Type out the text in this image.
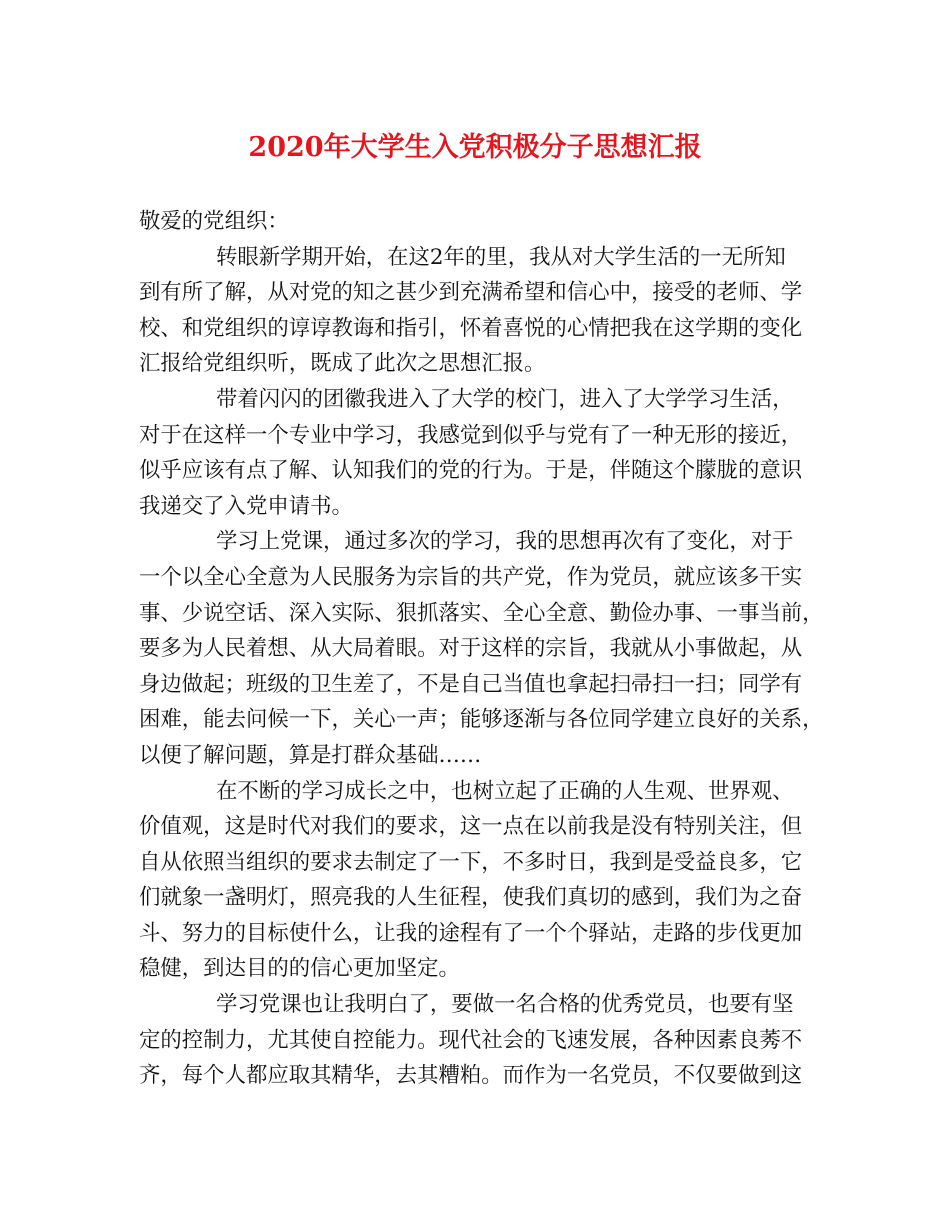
2020年大学生入党积极分子思想汇报
敬爱的党组织：
转眼新学期开始，在这2年的里，我从对大学生活的一无所知
到有所了解，从对党的知之甚少到充满希望和信心中，接受的老师、学
校、和党组织的谆谆教诲和指引，怀着喜悦的心情把我在这学期的变化
汇报给党组织听，既成了此次之思想汇报。
带着闪闪的团徽我进入了大学的校门，进入了大学学习生活，
对于在这样一个专业中学习，我感觉到似乎与党有了一种无形的接近，
似乎应该有点了解、认知我们的党的行为。于是，伴随这个朦胧的意识
我递交了入党申请书。
学习上党课，通过多次的学习，我的思想再次有了变化，对于
一个以全心全意为人民服务为宗旨的共产党，作为党员，就应该多干实
事、少说空话、深入实际、狠抓落实、全心全意、勤俭办事、一事当前，
要多为人民着想、从大局着眼。对于这样的宗旨，我就从小事做起，从
身边做起；班级的卫生差了，不是自己当值也拿起扫帚扫一扫；同学有
困难，能去问候一下，关心一声；能够逐渐与各位同学建立良好的关系，
以便了解问题，算是打群众基础……
在不断的学习成长之中，也树立起了正确的人生观、世界观、
价值观，这是时代对我们的要求，这一点在以前我是没有特别关注，但
自从依照当组织的要求去制定了一下，不多时日，我到是受益良多，它
们就象一盏明灯，照亮我的人生征程，使我们真切的感到，我们为之奋
斗、努力的目标使什么，让我的途程有了一个个驿站，走路的步伐更加
稳健，到达目的的信心更加坚定。
学习党课也让我明白了，要做一名合格的优秀党员，也要有坚
定的控制力，尤其使自控能力。现代社会的飞速发展，各种因素良莠不
齐，每个人都应取其精华，去其糟粕。而作为一名党员，不仅要做到这
